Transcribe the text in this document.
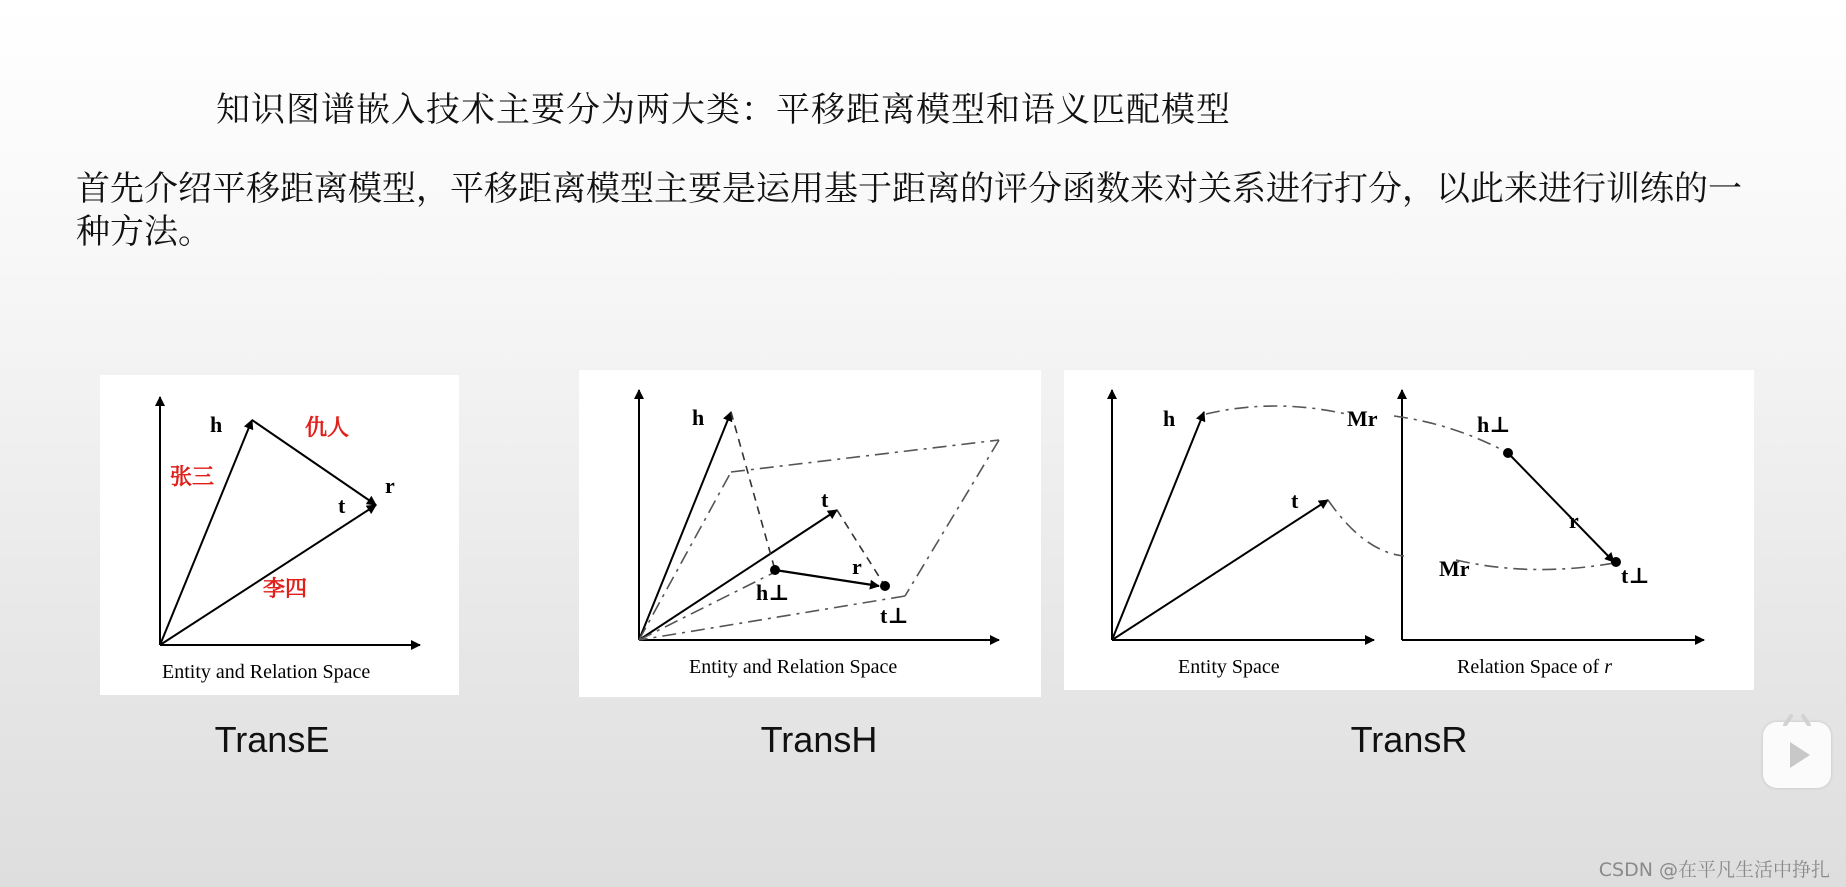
知识图谱嵌入技术主要分为两大类：平移距离模型和语义匹配模型
首先介绍平移距离模型，平移距离模型主要是运用基于距离的评分函数来对关系进行打分，以此来进行训练的一种方法。
h
t
r
仇人
张三
李四
Entity and Relation Space
TransE
h
t
r
h⊥
t⊥
Entity and Relation Space
TransH
h
t
Mr	h⊥
r
Mr	t⊥
Entity Space	Relation Space of r
TransR
CSDN @在平凡生活中挣扎
